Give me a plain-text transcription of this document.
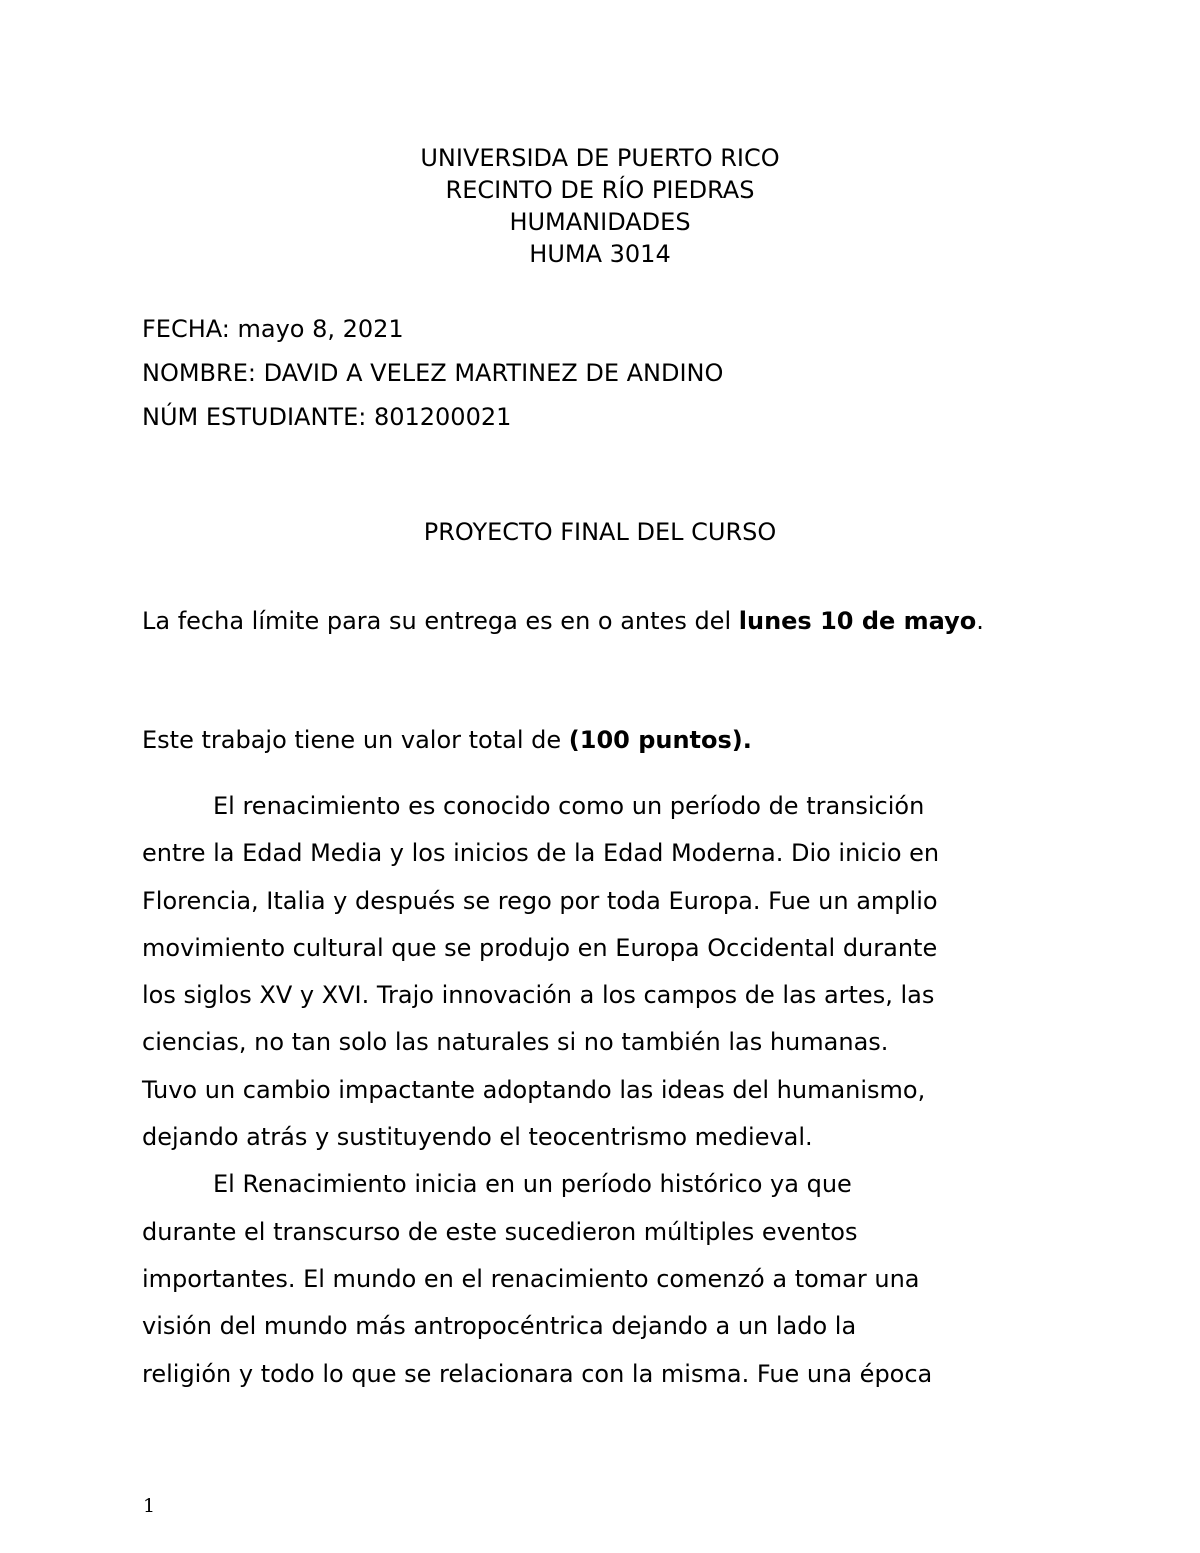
UNIVERSIDA DE PUERTO RICO
RECINTO DE RÍO PIEDRAS
HUMANIDADES
HUMA 3014
FECHA: mayo 8, 2021
NOMBRE: DAVID A VELEZ MARTINEZ DE ANDINO
NÚM ESTUDIANTE: 801200021
PROYECTO FINAL DEL CURSO
La fecha límite para su entrega es en o antes del lunes 10 de mayo.
Este trabajo tiene un valor total de (100 puntos).
El renacimiento es conocido como un período de transición
entre la Edad Media y los inicios de la Edad Moderna. Dio inicio en
Florencia, Italia y después se rego por toda Europa. Fue un amplio
movimiento cultural que se produjo en Europa Occidental durante
los siglos XV y XVI. Trajo innovación a los campos de las artes, las
ciencias, no tan solo las naturales si no también las humanas.
Tuvo un cambio impactante adoptando las ideas del humanismo,
dejando atrás y sustituyendo el teocentrismo medieval.
El Renacimiento inicia en un período histórico ya que
durante el transcurso de este sucedieron múltiples eventos
importantes. El mundo en el renacimiento comenzó a tomar una
visión del mundo más antropocéntrica dejando a un lado la
religión y todo lo que se relacionara con la misma. Fue una época
1
